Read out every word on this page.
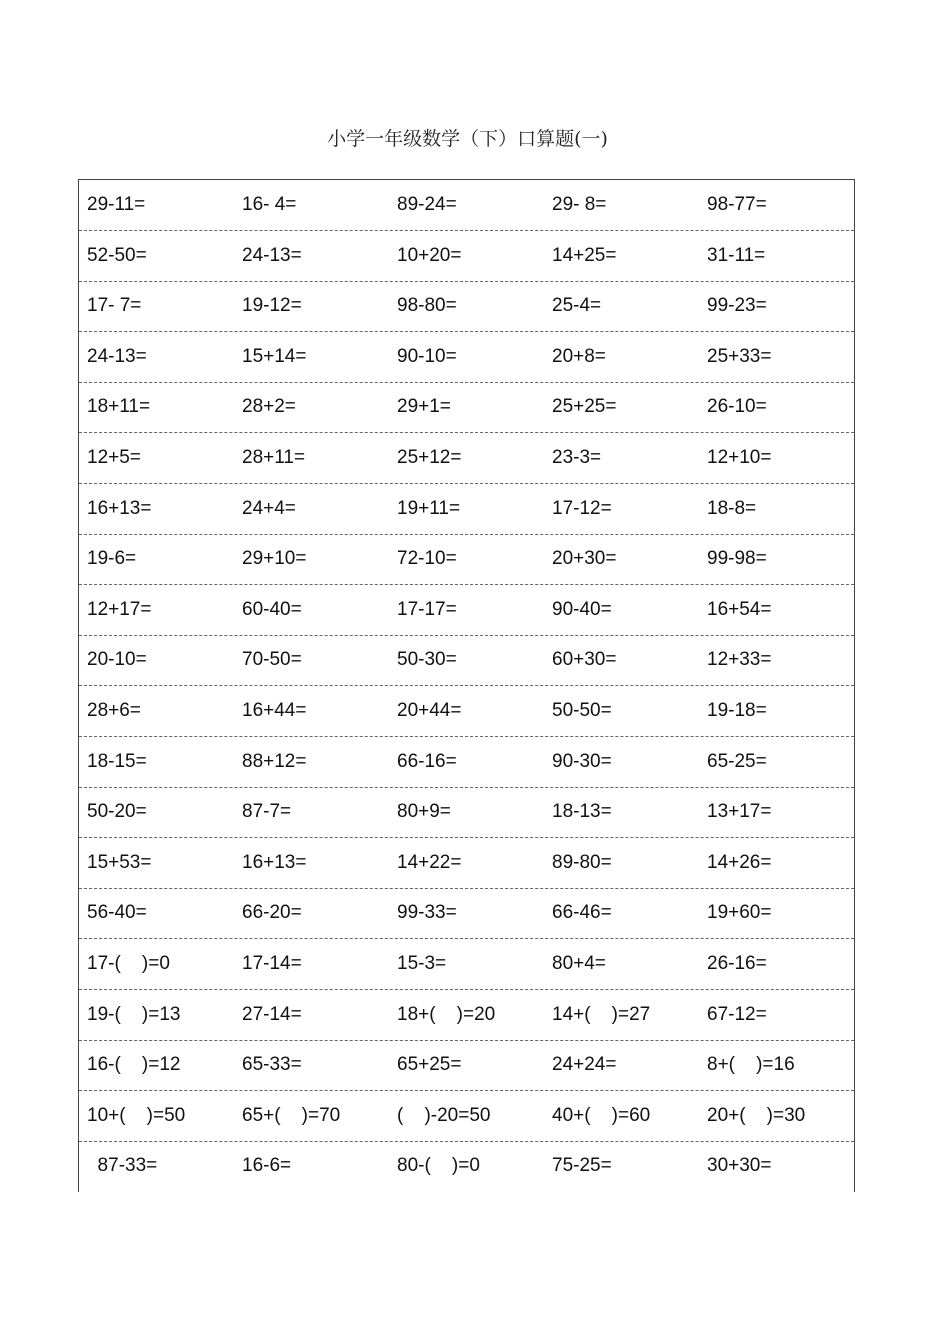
小学一年级数学（下）口算题(一)
29-11=	16- 4=	89-24=	29- 8=	98-77=
52-50=	24-13=	10+20=	14+25=	31-11=
17- 7=	19-12=	98-80=	25-4=	99-23=
24-13=	15+14=	90-10=	20+8=	25+33=
18+11=	28+2=	29+1=	25+25=	26-10=
12+5=	28+11=	25+12=	23-3=	12+10=
16+13=	24+4=	19+11=	17-12=	18-8=
19-6=	29+10=	72-10=	20+30=	99-98=
12+17=	60-40=	17-17=	90-40=	16+54=
20-10=	70-50=	50-30=	60+30=	12+33=
28+6=	16+44=	20+44=	50-50=	19-18=
18-15=	88+12=	66-16=	90-30=	65-25=
50-20=	87-7=	80+9=	18-13=	13+17=
15+53=	16+13=	14+22=	89-80=	14+26=
56-40=	66-20=	99-33=	66-46=	19+60=
17-(    )=0	17-14=	15-3=	80+4=	26-16=
19-(    )=13	27-14=	18+(    )=20	14+(    )=27	67-12=
16-(    )=12	65-33=	65+25=	24+24=	8+(    )=16
10+(    )=50	65+(    )=70	(    )-20=50	40+(    )=60	20+(    )=30
87-33=	16-6=	80-(    )=0	75-25=	30+30=
